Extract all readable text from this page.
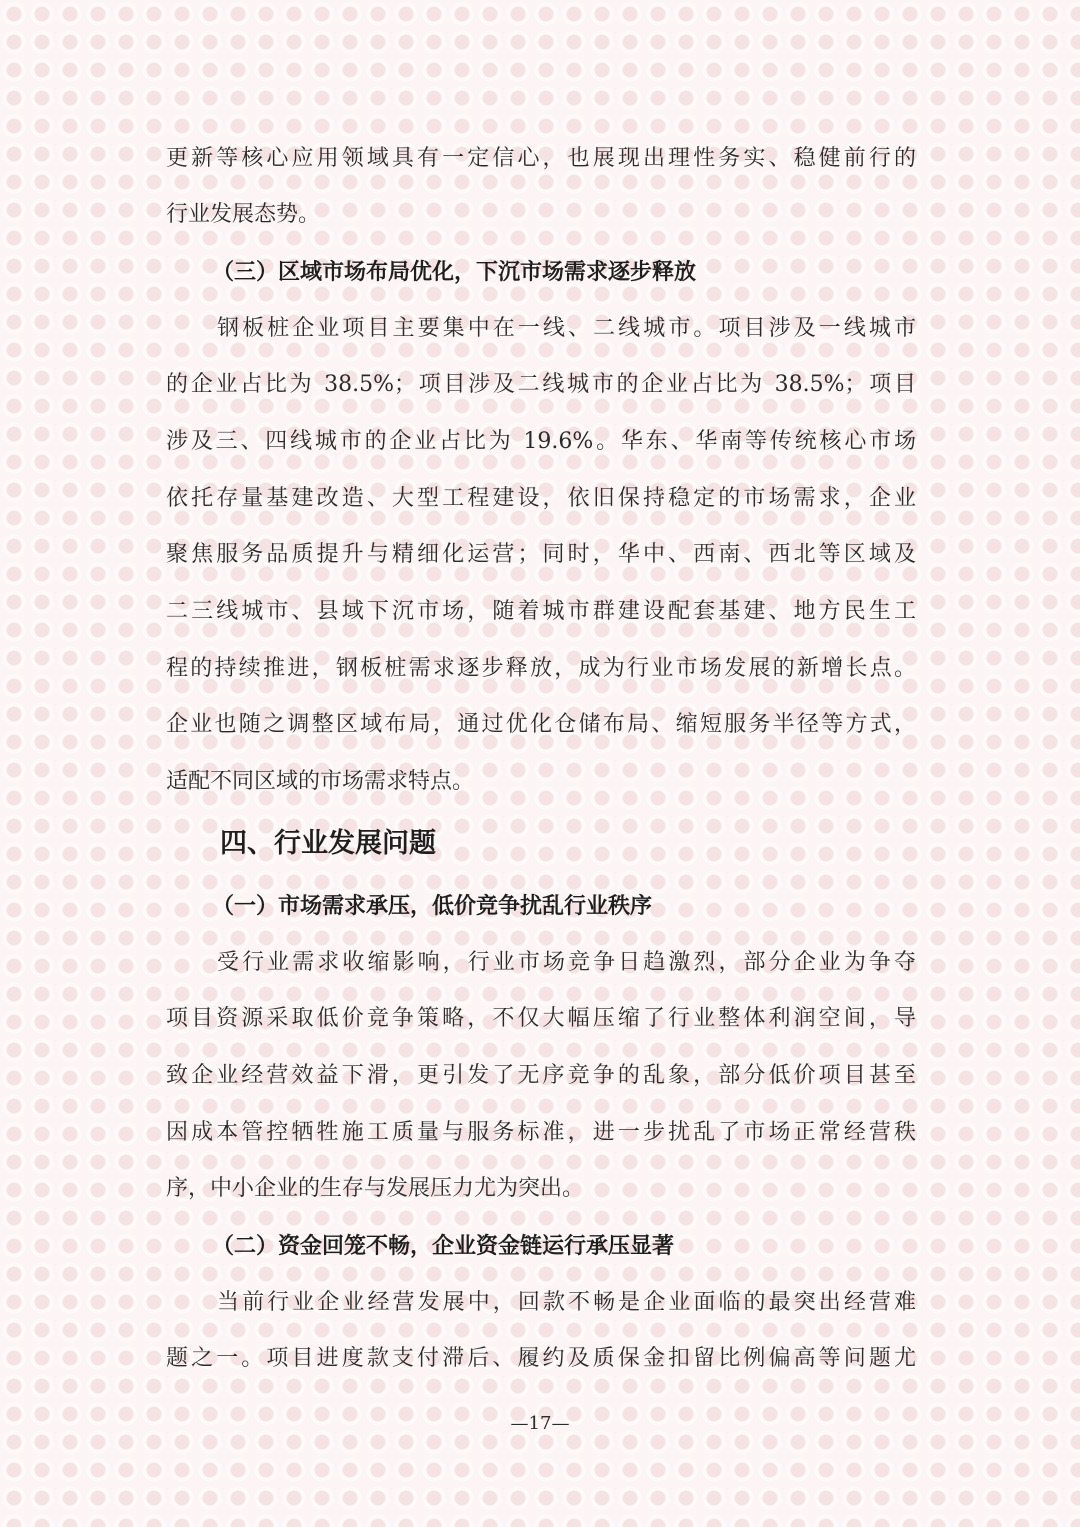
更新等核心应用领域具有一定信心，也展现出理性务实、稳健前行的
行业发展态势。
（三）区域市场布局优化，下沉市场需求逐步释放
钢板桩企业项目主要集中在一线、二线城市。项目涉及一线城市
的企业占比为 38.5%；项目涉及二线城市的企业占比为 38.5%；项目
涉及三、四线城市的企业占比为 19.6%。华东、华南等传统核心市场
依托存量基建改造、大型工程建设，依旧保持稳定的市场需求，企业
聚焦服务品质提升与精细化运营；同时，华中、西南、西北等区域及
二三线城市、县域下沉市场，随着城市群建设配套基建、地方民生工
程的持续推进，钢板桩需求逐步释放，成为行业市场发展的新增长点。
企业也随之调整区域布局，通过优化仓储布局、缩短服务半径等方式，
适配不同区域的市场需求特点。
四、行业发展问题
（一）市场需求承压，低价竞争扰乱行业秩序
受行业需求收缩影响，行业市场竞争日趋激烈，部分企业为争夺
项目资源采取低价竞争策略，不仅大幅压缩了行业整体利润空间，导
致企业经营效益下滑，更引发了无序竞争的乱象，部分低价项目甚至
因成本管控牺牲施工质量与服务标准，进一步扰乱了市场正常经营秩
序，中小企业的生存与发展压力尤为突出。
（二）资金回笼不畅，企业资金链运行承压显著
当前行业企业经营发展中，回款不畅是企业面临的最突出经营难
题之一。项目进度款支付滞后、履约及质保金扣留比例偏高等问题尤
—17—
